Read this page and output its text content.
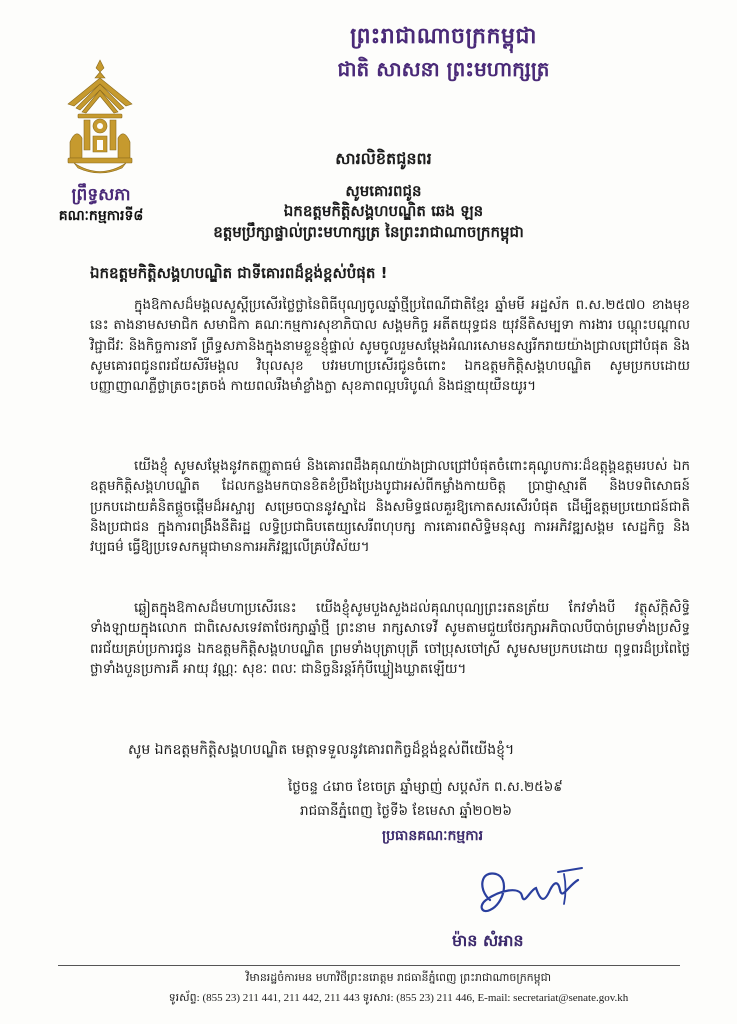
ព្រះរាជាណាចក្រកម្ពុជា
ជាតិ សាសនា ព្រះមហាក្សត្រ
ព្រឹទ្ធសភា
គណៈកម្មការទី៨
សារលិខិតជូនពរ
សូមគោរពជូន
ឯកឧត្តមកិត្តិសង្គហបណ្ឌិត ឆេង ឡន
ឧត្តមប្រឹក្សាផ្ទាល់ព្រះមហាក្សត្រ នៃព្រះរាជាណាចក្រកម្ពុជា
ឯកឧត្តមកិត្តិសង្គហបណ្ឌិត ជាទីគោរពដ៏ខ្ពង់ខ្ពស់បំផុត !

ក្នុងឱកាសដ៏មង្គលសួស្តីប្រសើរថ្លៃថ្លានៃពិធីបុណ្យចូលឆ្នាំថ្មីប្រពៃណីជាតិខ្មែរ ឆ្នាំមមី អដ្ឋស័ក ព.ស.២៥៧០ ខាងមុខនេះ តាងនាមសមាជិក សមាជិកា គណៈកម្មការសុខាភិបាល សង្គមកិច្ច អតីតយុទ្ធជន យុវនីតិសម្បទា ការងារ បណ្តុះបណ្តាលវិជ្ជាជីវៈ និងកិច្ចការនារី ព្រឹទ្ធសភានិងក្នុងនាមខ្លួនខ្ញុំផ្ទាល់ សូមចូលរួមសម្តែងអំណរសោមនស្សរីករាយយ៉ាងជ្រាលជ្រៅបំផុត និងសូមគោរពជូនពរជ័យសិរីមង្គល វិបុលសុខ បវរមហាប្រសើរជូនចំពោះ ឯកឧត្តមកិត្តិសង្គហបណ្ឌិត សូមប្រកបដោយបញ្ញាញាណភ្លឺថ្លាត្រចះត្រចង់ កាយពលរឹងមាំខ្លាំងក្លា សុខភាពល្អបរិបូណ៌ និងជន្មាយុយឺនយូរ។

យើងខ្ញុំ សូមសម្តែងនូវកតញ្ញូតាធម៌ និងគោរពដឹងគុណយ៉ាងជ្រាលជ្រៅបំផុតចំពោះគុណូបការៈដ៏ឧត្តុង្គឧត្តមរបស់ ឯកឧត្តមកិត្តិសង្គហបណ្ឌិត ដែលកន្លងមកបានខិតខំប្រឹងប្រែងបូជាអស់ពីកម្លាំងកាយចិត្ត ប្រាជ្ញាស្មារតី និងបទពិសោធន៍ ប្រកបដោយគំនិតផ្តួចផ្តើមដ៏អស្ចារ្យ សម្រេចបាននូវស្នាដៃ និងសមិទ្ធផលគួរឱ្យកោតសរសើរបំផុត ដើម្បីឧត្តមប្រយោជន៍ជាតិ និងប្រជាជន ក្នុងការពង្រឹងនីតិរដ្ឋ លទ្ធិប្រជាធិបតេយ្យសេរីពហុបក្ស ការគោរពសិទ្ធិមនុស្ស ការអភិវឌ្ឍសង្គម សេដ្ឋកិច្ច និងវប្បធម៌ ធ្វើឱ្យប្រទេសកម្ពុជាមានការអភិវឌ្ឍលើគ្រប់វិស័យ។

ឆ្លៀតក្នុងឱកាសដ៏មហាប្រសើរនេះ យើងខ្ញុំសូមបួងសួងដល់គុណបុណ្យព្រះរតនត្រ័យ កែវទាំងបី វត្ថុស័ក្តិសិទ្ធិទាំងឡាយក្នុងលោក ជាពិសេសទេវតាថែរក្សាឆ្នាំថ្មី ព្រះនាម រាក្សសាទេវី សូមតាមជួយថែរក្សាអភិបាលបីបាច់ព្រមទាំងប្រសិទ្ធពរជ័យគ្រប់ប្រការជូន ឯកឧត្តមកិត្តិសង្គហបណ្ឌិត ព្រមទាំងបុត្រាបុត្រី ចៅប្រុសចៅស្រី សូមសមប្រកបដោយ ពុទ្ធពរដ៏ប្រពៃថ្លៃថ្លាទាំងបួនប្រការគឺ អាយុ វណ្ណៈ សុខៈ ពលៈ ជានិច្ចនិរន្តរ៍កុំបីឃ្លៀងឃ្លាតឡើយ។

សូម ឯកឧត្តមកិត្តិសង្គហបណ្ឌិត មេត្តាទទួលនូវគោរពកិច្ចដ៏ខ្ពង់ខ្ពស់ពីយើងខ្ញុំ។
ថ្ងៃចន្ទ ៤រោច ខែចេត្រ ឆ្នាំម្សាញ់ សប្តស័ក ព.ស.២៥៦៩
រាជធានីភ្នំពេញ ថ្ងៃទី៦ ខែមេសា ឆ្នាំ២០២៦
ប្រធានគណៈកម្មការ
ម៉ាន សំអាន
វិមានរដ្ឋចំការមន មហាវិថីព្រះនរោត្តម រាជធានីភ្នំពេញ ព្រះរាជាណាចក្រកម្ពុជា
ទូរស័ព្ទ: (855 23) 211 441, 211 442, 211 443 ទូរសារ: (855 23) 211 446, E-mail: secretariat@senate.gov.kh
